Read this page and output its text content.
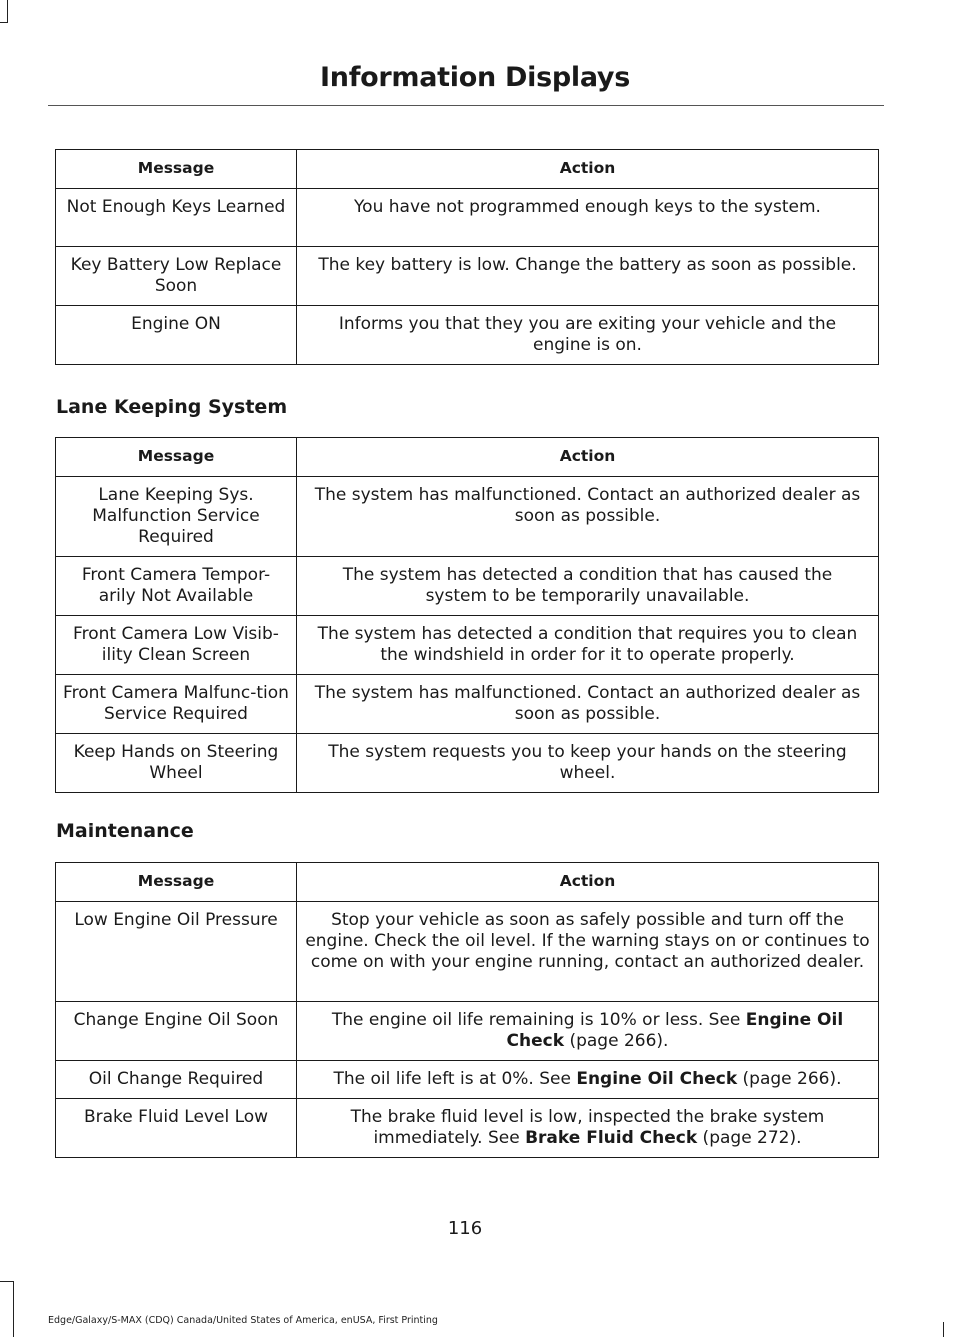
Information Displays
Message	Action
Not Enough Keys Learned	You have not programmed enough keys to the system.
Key Battery Low Replace Soon	The key battery is low. Change the battery as soon as possible.
Engine ON	Informs you that they you are exiting your vehicle and the engine is on.
Lane Keeping System
Message	Action
Lane Keeping Sys. Malfunction Service Required	The system has malfunctioned. Contact an authorized dealer as soon as possible.
Front Camera Tempor-arily Not Available	The system has detected a condition that has caused the system to be temporarily unavailable.
Front Camera Low Visib-ility Clean Screen	The system has detected a condition that requires you to clean the windshield in order for it to operate properly.
Front Camera Malfunc-tion Service Required	The system has malfunctioned. Contact an authorized dealer as soon as possible.
Keep Hands on Steering Wheel	The system requests you to keep your hands on the steering wheel.
Maintenance
Message	Action
Low Engine Oil Pressure	Stop your vehicle as soon as safely possible and turn off the engine. Check the oil level. If the warning stays on or continues to come on with your engine running, contact an authorized dealer.
Change Engine Oil Soon	The engine oil life remaining is 10% or less. See Engine Oil Check (page 266).
Oil Change Required	The oil life left is at 0%. See Engine Oil Check (page 266).
Brake Fluid Level Low	The brake fluid level is low, inspected the brake system immediately. See Brake Fluid Check (page 272).
116
Edge/Galaxy/S-MAX (CDQ) Canada/United States of America, enUSA, First Printing
